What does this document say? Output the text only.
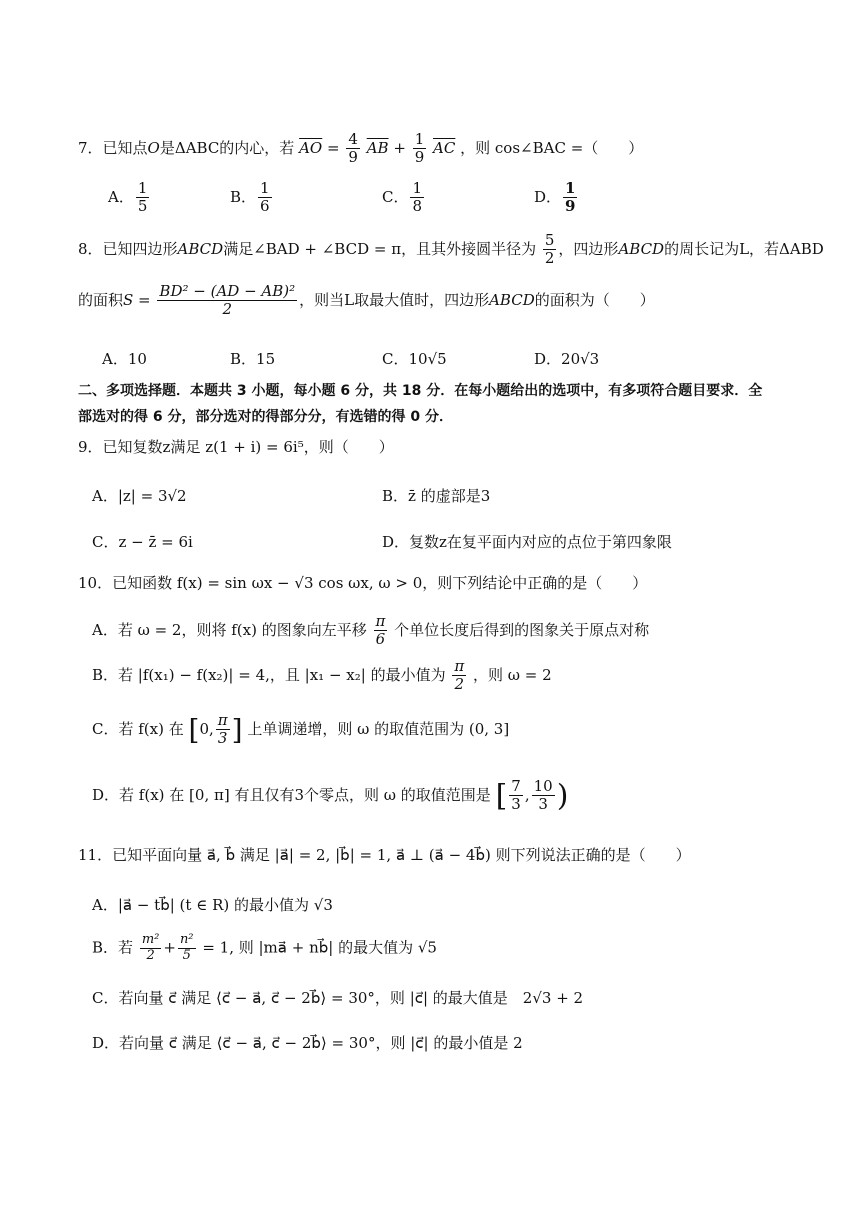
7．已知点O是ΔABC的内心，若 $\overline{AO} = \frac{4}{9} \overline{AB} + \frac{1}{9} \overline{AC}$ ，则 cos∠BAC =（　　）
A． $\frac{1}{5}$	B． $\frac{1}{6}$	C． $\frac{1}{8}$	D． $\frac{1}{9}$
8．已知四边形ABCD满足∠BAD + ∠BCD = π，且其外接圆半径为 $\frac{5}{2}$ ，四边形ABCD的周长记为L，若ΔABD
的面积$S = \frac{\text{BD² − (AD − AB)²}}{2}$ ，则当L取最大值时，四边形ABCD的面积为（　　）
A．10	B．15	C．10√5	D．20√3
二、多项选择题．本题共 3 小题，每小题 6 分，共 18 分．在每小题给出的选项中，有多项符合题目要求．全
部选对的得 6 分，部分选对的得部分分，有选错的得 0 分．
9．已知复数z满足 z(1 + i) = 6i⁵，则（　　）
A．|z| = 3√2	B．z̄ 的虚部是3
C．z − z̄ = 6i	D．复数z在复平面内对应的点位于第四象限
10．已知函数 f(x) = sin ωx − √3 cos ωx, ω > 0，则下列结论中正确的是（　　）
A．若 ω = 2，则将 f(x) 的图象向左平移 $\frac{\pi}{6}$ 个单位长度后得到的图象关于原点对称
B．若 |f(x₁) − f(x₂)| = 4,，且 |x₁ − x₂| 的最小值为 $\frac{\pi}{2}$ ，则 ω = 2
C．若 f(x) 在 [0, $\frac{\pi}{3}$ ] 上单调递增，则 ω 的取值范围为 (0, 3]
D．若 f(x) 在 [0, π] 有且仅有3个零点，则 ω 的取值范围是 [ $\frac{7}{3}$ , $\frac{10}{3}$ )
11．已知平面向量 a⃗, b⃗ 满足 |a⃗| = 2, |b⃗| = 1, a⃗ ⊥ (a⃗ − 4b⃗) 则下列说法正确的是（　　）
A．|a⃗ − tb⃗| (t ∈ R) 的最小值为 √3
B．若 $\frac{\text{m²}}{2} + \frac{\text{n²}}{5} = 1$, 则 |ma⃗ + nb⃗| 的最大值为 √5
C．若向量 c⃗ 满足 ⟨c⃗ − a⃗, c⃗ − 2b⃗⟩ = 30°，则 |c⃗| 的最大值是　2√3 + 2
D．若向量 c⃗ 满足 ⟨c⃗ − a⃗, c⃗ − 2b⃗⟩ = 30°，则 |c⃗| 的最小值是 2
